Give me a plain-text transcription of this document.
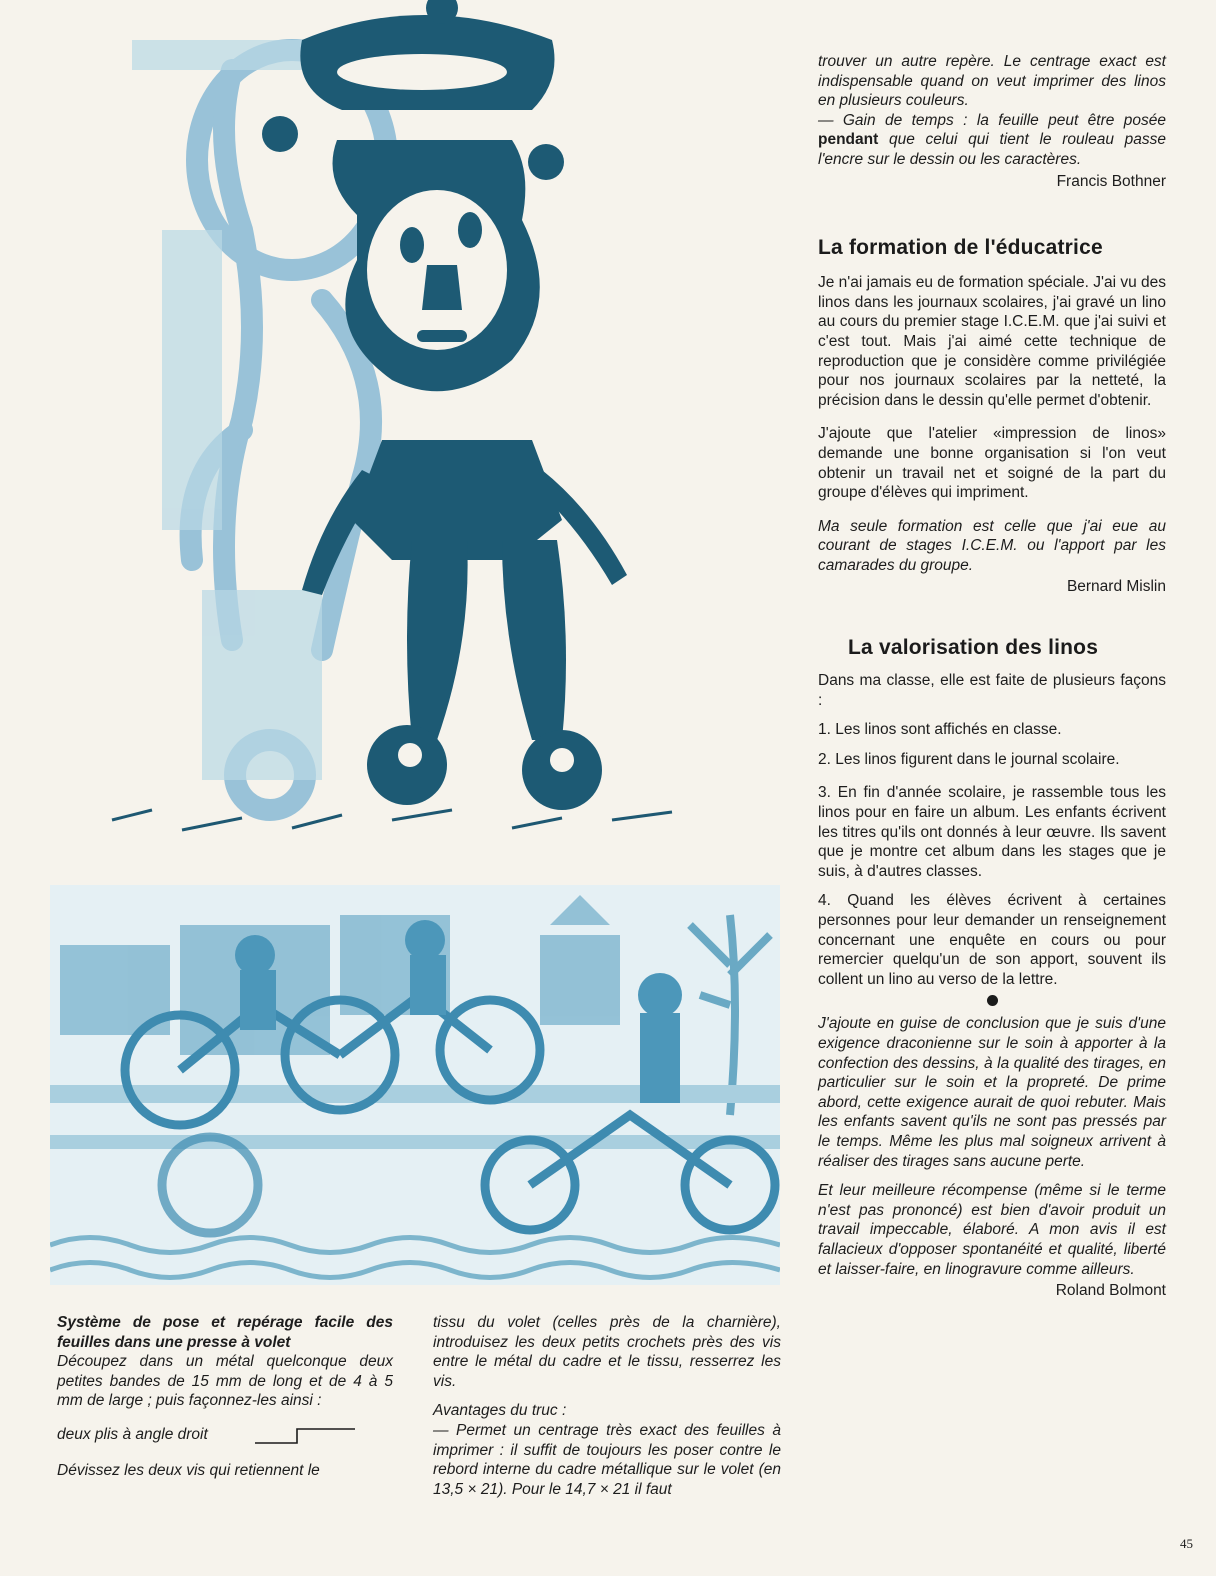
Système de pose et repérage facile des feuilles dans une presse à volet

Découpez dans un métal quelconque deux petites bandes de 15 mm de long et de 4 à 5 mm de large ; puis façonnez-les ainsi :

deux plis à angle droit

Dévissez les deux vis qui retiennent le

tissu du volet (celles près de la charnière), introduisez les deux petits crochets près des vis entre le métal du cadre et le tissu, resserrez les vis.

Avantages du truc :

— Permet un centrage très exact des feuilles à imprimer : il suffit de toujours les poser contre le rebord interne du cadre métallique sur le volet (en 13,5 × 21). Pour le 14,7 × 21 il faut

trouver un autre repère. Le centrage exact est indispensable quand on veut imprimer des linos en plusieurs couleurs.

— Gain de temps : la feuille peut être posée pendant que celui qui tient le rouleau passe l'encre sur le dessin ou les caractères.

Francis Bothner

La formation de l'éducatrice

Je n'ai jamais eu de formation spéciale. J'ai vu des linos dans les journaux scolaires, j'ai gravé un lino au cours du premier stage I.C.E.M. que j'ai suivi et c'est tout. Mais j'ai aimé cette technique de reproduction que je considère comme privilégiée pour nos journaux scolaires par la netteté, la précision dans le dessin qu'elle permet d'obtenir.

J'ajoute que l'atelier «impression de linos» demande une bonne organisation si l'on veut obtenir un travail net et soigné de la part du groupe d'élèves qui impriment.

Ma seule formation est celle que j'ai eue au courant de stages I.C.E.M. ou l'apport par les camarades du groupe.

Bernard Mislin

La valorisation des linos

Dans ma classe, elle est faite de plusieurs façons :

1. Les linos sont affichés en classe.

2. Les linos figurent dans le journal scolaire.

3. En fin d'année scolaire, je rassemble tous les linos pour en faire un album. Les enfants écrivent les titres qu'ils ont donnés à leur œuvre. Ils savent que je montre cet album dans les stages que je suis, à d'autres classes.

4. Quand les élèves écrivent à certaines personnes pour leur demander un renseignement concernant une enquête en cours ou pour remercier quelqu'un de son apport, souvent ils collent un lino au verso de la lettre.

J'ajoute en guise de conclusion que je suis d'une exigence draconienne sur le soin à apporter à la confection des dessins, à la qualité des tirages, en particulier sur le soin et la propreté. De prime abord, cette exigence aurait de quoi rebuter. Mais les enfants savent qu'ils ne sont pas pressés par le temps. Même les plus mal soigneux arrivent à réaliser des tirages sans aucune perte.

Et leur meilleure récompense (même si le terme n'est pas prononcé) est bien d'avoir produit un travail impeccable, élaboré. A mon avis il est fallacieux d'opposer spontanéité et qualité, liberté et laisser-faire, en linogravure comme ailleurs.

Roland Bolmont

45
